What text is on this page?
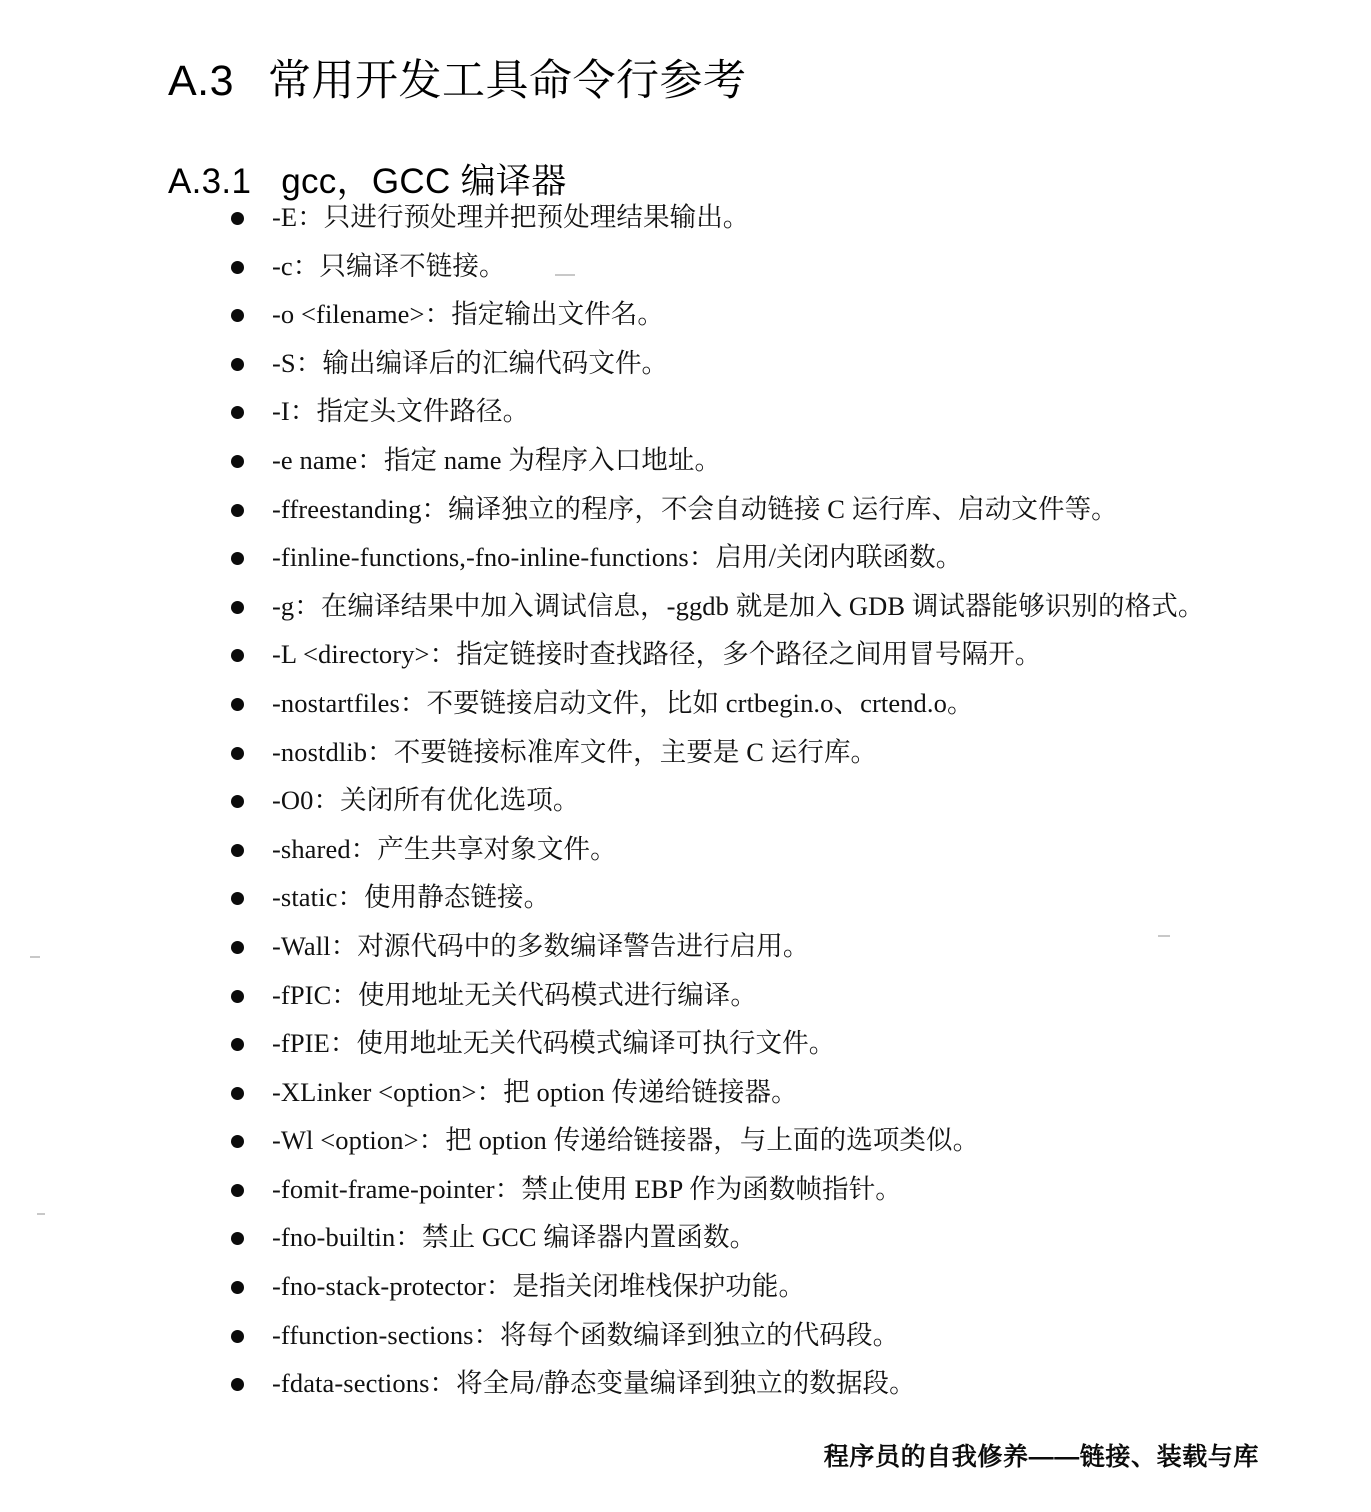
A.3 常用开发工具命令行参考
A.3.1 gcc，GCC 编译器
-E：只进行预处理并把预处理结果输出。
-c：只编译不链接。
-o <filename>：指定输出文件名。
-S：输出编译后的汇编代码文件。
-I：指定头文件路径。
-e name：指定 name 为程序入口地址。
-ffreestanding：编译独立的程序，不会自动链接 C 运行库、启动文件等。
-finline-functions,-fno-inline-functions：启用/关闭内联函数。
-g：在编译结果中加入调试信息，-ggdb 就是加入 GDB 调试器能够识别的格式。
-L <directory>：指定链接时查找路径，多个路径之间用冒号隔开。
-nostartfiles：不要链接启动文件，比如 crtbegin.o、crtend.o。
-nostdlib：不要链接标准库文件，主要是 C 运行库。
-O0：关闭所有优化选项。
-shared：产生共享对象文件。
-static：使用静态链接。
-Wall：对源代码中的多数编译警告进行启用。
-fPIC：使用地址无关代码模式进行编译。
-fPIE：使用地址无关代码模式编译可执行文件。
-XLinker <option>：把 option 传递给链接器。
-Wl <option>：把 option 传递给链接器，与上面的选项类似。
-fomit-frame-pointer：禁止使用 EBP 作为函数帧指针。
-fno-builtin：禁止 GCC 编译器内置函数。
-fno-stack-protector：是指关闭堆栈保护功能。
-ffunction-sections：将每个函数编译到独立的代码段。
-fdata-sections：将全局/静态变量编译到独立的数据段。
程序员的自我修养——链接、装载与库
